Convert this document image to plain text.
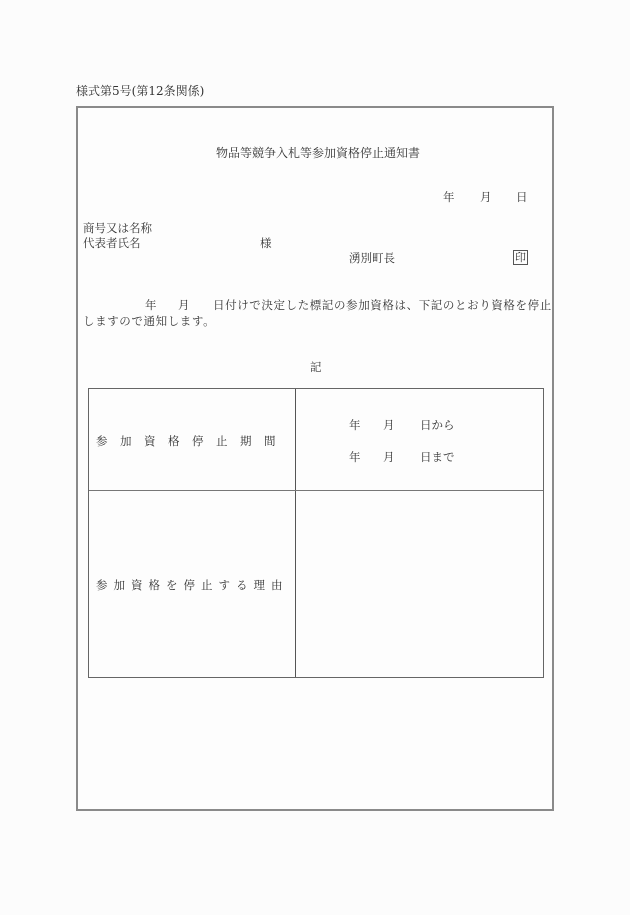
様式第5号(第12条関係)
物品等競争入札等参加資格停止通知書
年 月 日
商号又は名称
代表者氏名	様
湧別町長	印
年 月 日付けで決定した標記の参加資格は、下記のとおり資格を停止
しますので通知します。
記
参加資格停止期間
年 月 日から
年 月 日まで
参加資格を停止する理由
